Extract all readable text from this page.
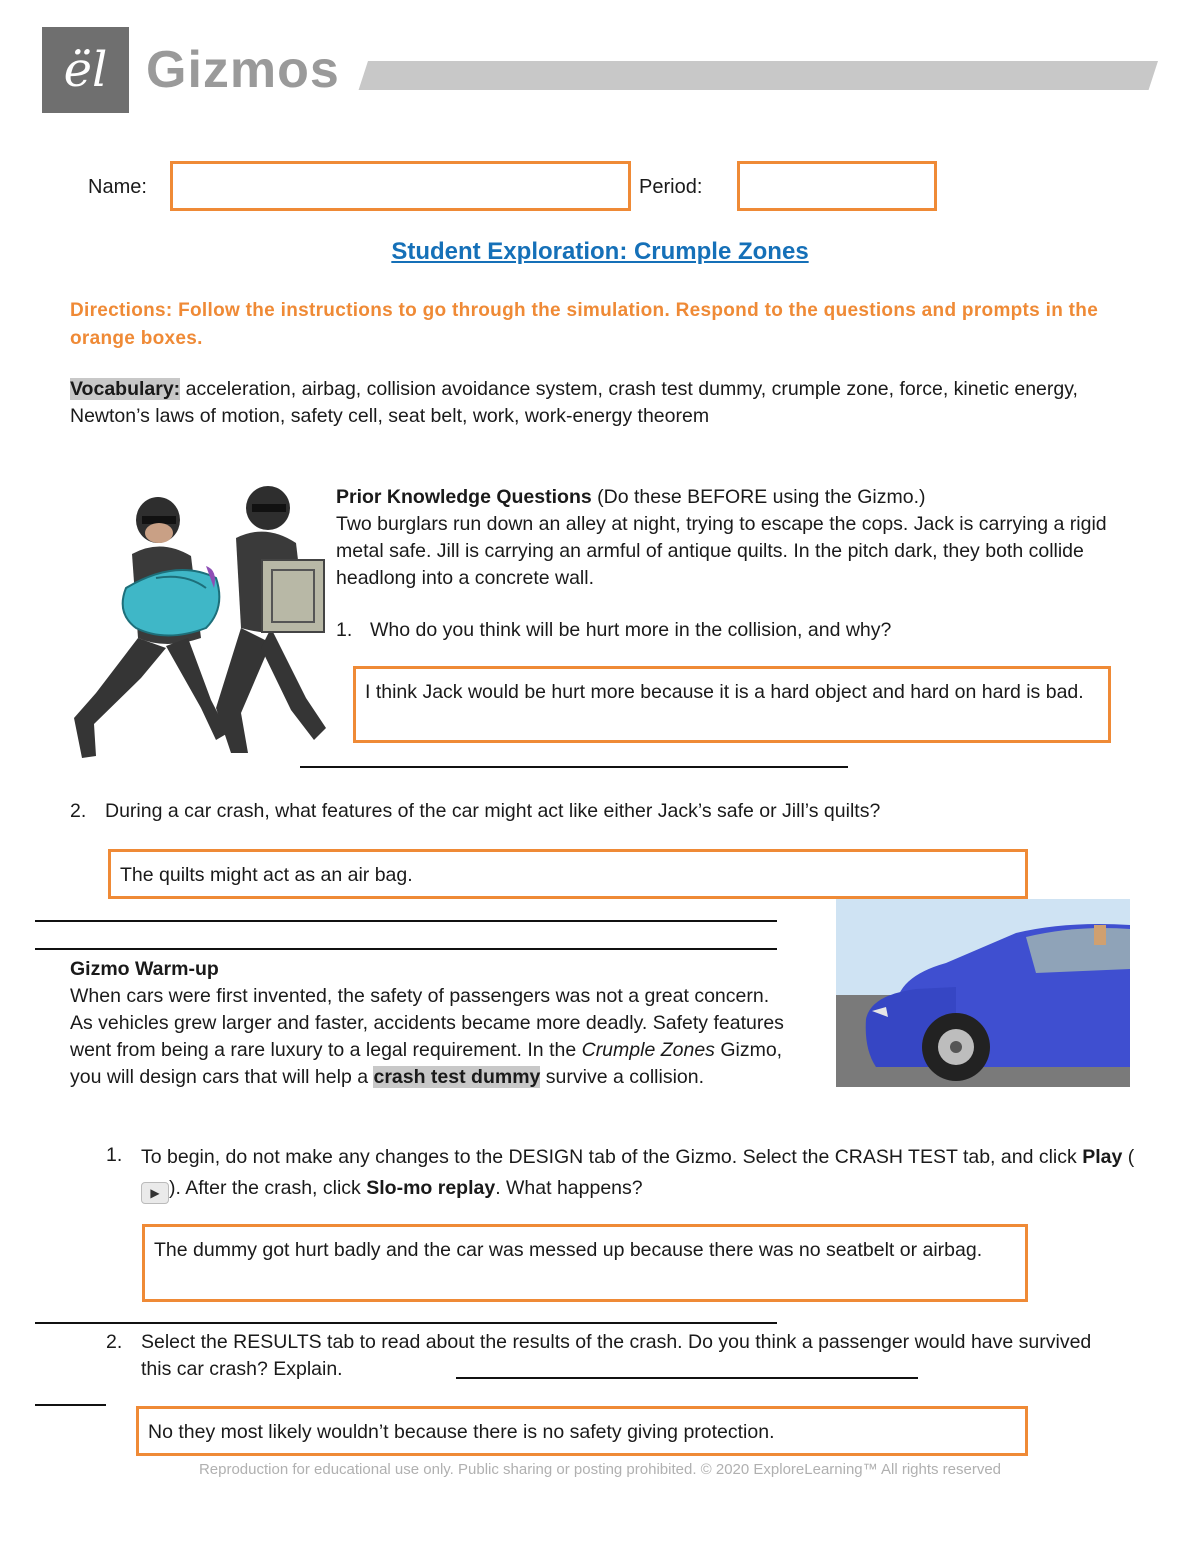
ël Gizmos
Name:	Period:
Student Exploration: Crumple Zones
Directions: Follow the instructions to go through the simulation. Respond to the questions and prompts in the orange boxes.
Vocabulary: acceleration, airbag, collision avoidance system, crash test dummy, crumple zone, force, kinetic energy, Newton’s laws of motion, safety cell, seat belt, work, work-energy theorem
Prior Knowledge Questions (Do these BEFORE using the Gizmo.)
Two burglars run down an alley at night, trying to escape the cops. Jack is carrying a rigid metal safe. Jill is carrying an armful of antique quilts. In the pitch dark, they both collide headlong into a concrete wall.
1. Who do you think will be hurt more in the collision, and why?
I think Jack would be hurt more because it is a hard object and hard on hard is bad.
2. During a car crash, what features of the car might act like either Jack’s safe or Jill’s quilts?
The quilts might act as an air bag.
Gizmo Warm-up
When cars were first invented, the safety of passengers was not a great concern. As vehicles grew larger and faster, accidents became more deadly. Safety features went from being a rare luxury to a legal requirement. In the Crumple Zones Gizmo, you will design cars that will help a crash test dummy survive a collision.
1. To begin, do not make any changes to the DESIGN tab of the Gizmo. Select the CRASH TEST tab, and click Play (▶ ). After the crash, click Slo-mo replay. What happens?
The dummy got hurt badly and the car was messed up because there was no seatbelt or airbag.
2. Select the RESULTS tab to read about the results of the crash. Do you think a passenger would have survived this car crash? Explain.
No they most likely wouldn’t because there is no safety giving protection.
Reproduction for educational use only. Public sharing or posting prohibited. © 2020 ExploreLearning™ All rights reserved
